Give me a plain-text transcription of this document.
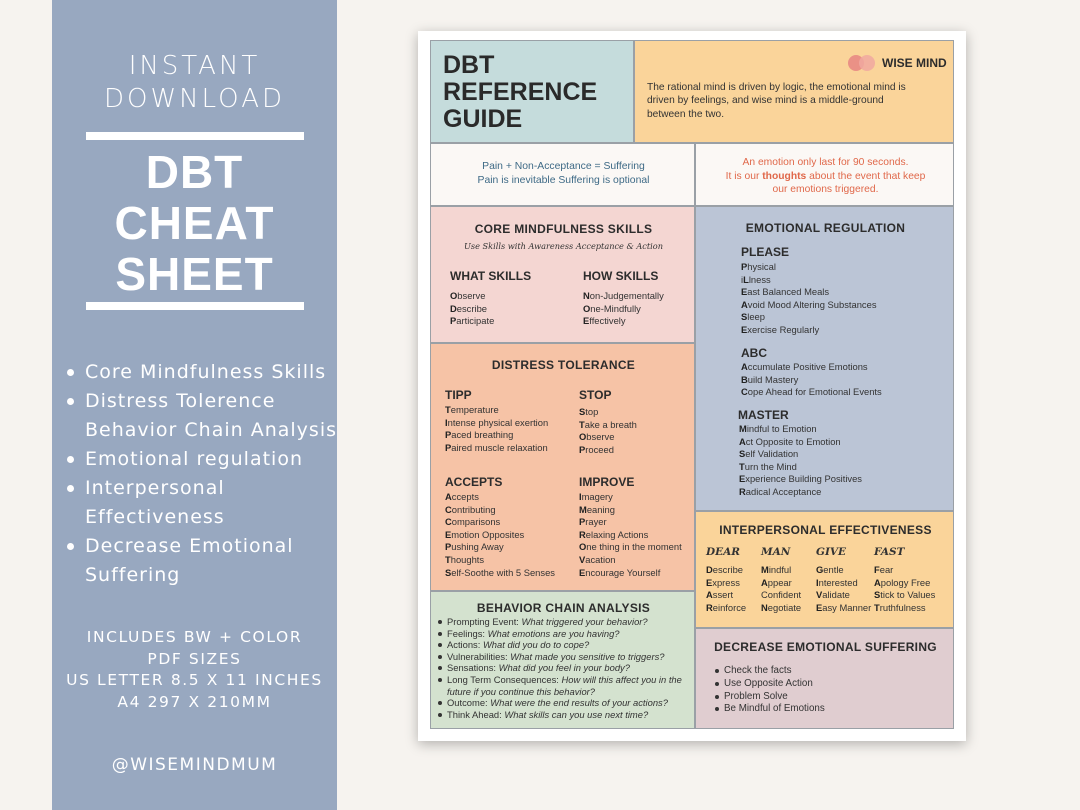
INSTANT
DOWNLOAD
DBT
CHEAT
SHEET
Core Mindfulness Skills
Distress Tolerence
Behavior Chain Analysis
Emotional regulation
Interpersonal
Effectiveness
Decrease Emotional
Suffering
INCLUDES BW + COLOR
PDF SIZES
US LETTER 8.5 X 11 INCHES
A4 297 X 210MM
@WISEMINDMUM
DBT
REFERENCE
GUIDE
WISE MIND
The rational mind is driven by logic, the emotional mind is
driven by feelings, and wise mind is a middle-ground
between the two.
Pain + Non-Acceptance = Suffering
Pain is inevitable Suffering is optional
An emotion only last for 90 seconds.
It is our thoughts about the event that keep
our emotions triggered.
CORE MINDFULNESS SKILLS
Use Skills with Awareness Acceptance & Action
WHAT SKILLS
Observe
Describe
Participate
HOW SKILLS
Non-Judgementally
One-Mindfully
Effectively
DISTRESS TOLERANCE
TIPP
Temperature
Intense physical exertion
Paced breathing
Paired muscle relaxation
STOP
Stop
Take a breath
Observe
Proceed
ACCEPTS
Accepts
Contributing
Comparisons
Emotion Opposites
Pushing Away
Thoughts
Self-Soothe with 5 Senses
IMPROVE
Imagery
Meaning
Prayer
Relaxing Actions
One thing in the moment
Vacation
Encourage Yourself
BEHAVIOR CHAIN ANALYSIS
Prompting Event: What triggered your behavior?
Feelings: What emotions are you having?
Actions: What did you do to cope?
Vulnerabilities: What made you sensitive to triggers?
Sensations: What did you feel in your body?
Long Term Consequences: How will this affect you in the
future if you continue this behavior?
Outcome: What were the end results of your actions?
Think Ahead: What skills can you use next time?
EMOTIONAL REGULATION
PLEASE
Physical
iLlness
East Balanced Meals
Avoid Mood Altering Substances
Sleep
Exercise Regularly
ABC
Accumulate Positive Emotions
Build Mastery
Cope Ahead for Emotional Events
MASTER
Mindful to Emotion
Act Opposite to Emotion
Self Validation
Turn the Mind
Experience Building Positives
Radical Acceptance
INTERPERSONAL EFFECTIVENESS
DEAR
Describe
Express
Assert
Reinforce
MAN
Mindful
Appear
Confident
Negotiate
GIVE
Gentle
Interested
Validate
Easy Manner
FAST
Fear
Apology Free
Stick to Values
Truthfulness
DECREASE EMOTIONAL SUFFERING
Check the facts
Use Opposite Action
Problem Solve
Be Mindful of Emotions
